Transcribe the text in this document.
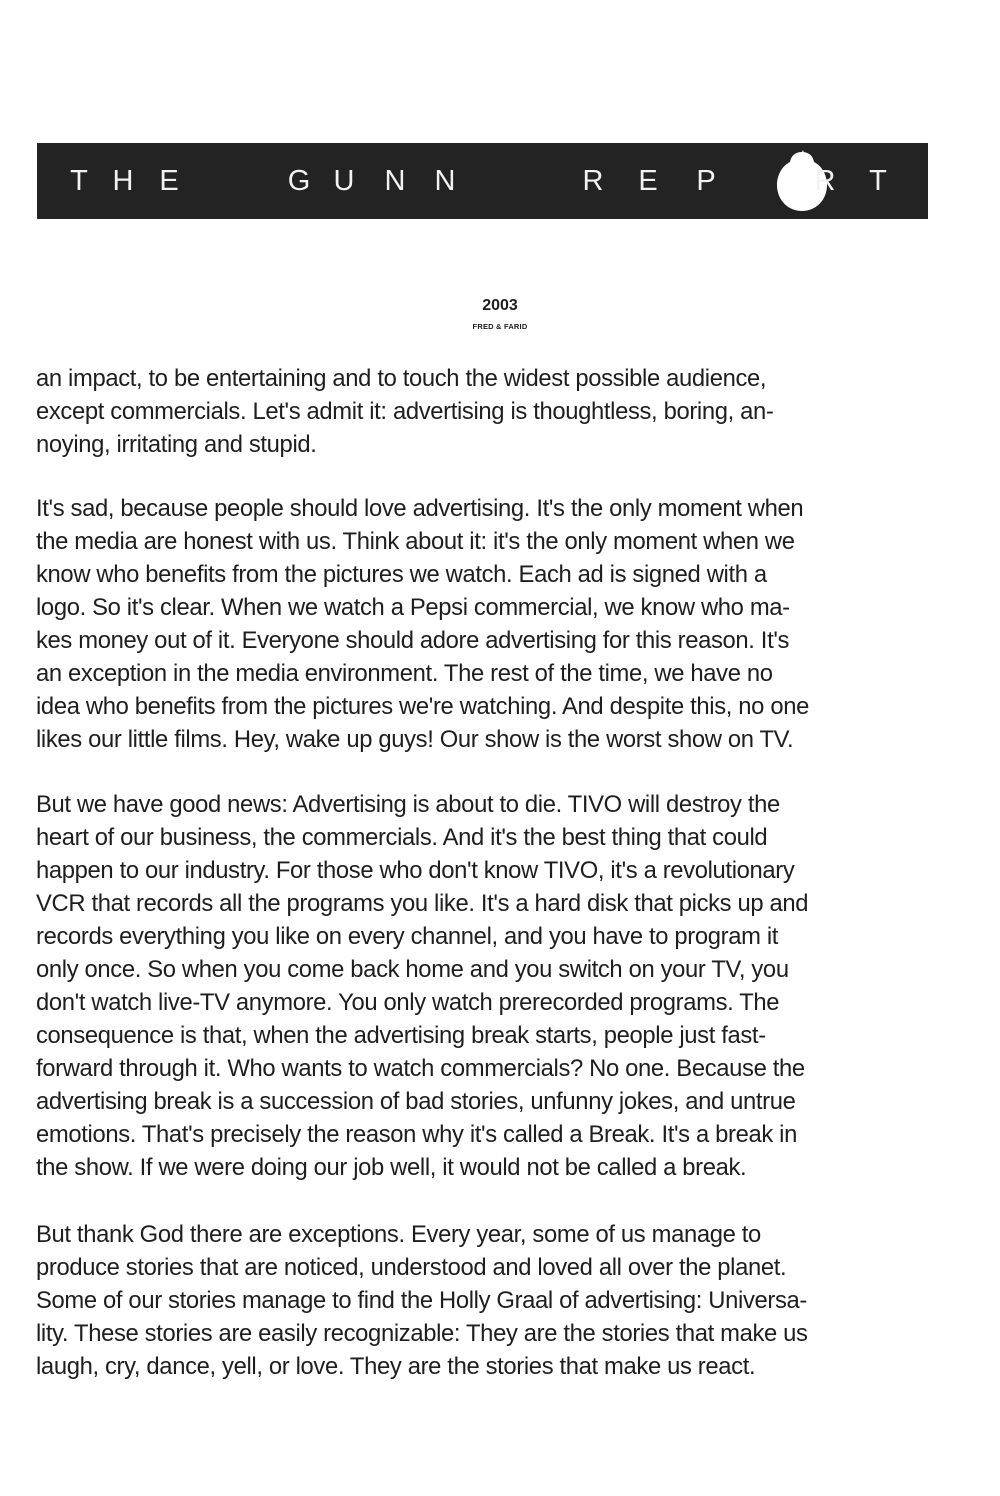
T H E	G U N N	R E P	R T
2003
FRED & FARID
an impact, to be entertaining and to touch the widest possible audience,
except commercials. Let's admit it: advertising is thoughtless, boring, an-
noying, irritating and stupid.
It's sad, because people should love advertising. It's the only moment when
the media are honest with us. Think about it: it's the only moment when we
know who benefits from the pictures we watch. Each ad is signed with a
logo. So it's clear. When we watch a Pepsi commercial, we know who ma-
kes money out of it. Everyone should adore advertising for this reason. It's
an exception in the media environment. The rest of the time, we have no
idea who benefits from the pictures we're watching. And despite this, no one
likes our little films. Hey, wake up guys! Our show is the worst show on TV.
But we have good news: Advertising is about to die. TIVO will destroy the
heart of our business, the commercials. And it's the best thing that could
happen to our industry. For those who don't know TIVO, it's a revolutionary
VCR that records all the programs you like. It's a hard disk that picks up and
records everything you like on every channel, and you have to program it
only once. So when you come back home and you switch on your TV, you
don't watch live-TV anymore. You only watch prerecorded programs. The
consequence is that, when the advertising break starts, people just fast-
forward through it. Who wants to watch commercials? No one. Because the
advertising break is a succession of bad stories, unfunny jokes, and untrue
emotions. That's precisely the reason why it's called a Break. It's a break in
the show. If we were doing our job well, it would not be called a break.
But thank God there are exceptions. Every year, some of us manage to
produce stories that are noticed, understood and loved all over the planet.
Some of our stories manage to find the Holly Graal of advertising: Universa-
lity. These stories are easily recognizable: They are the stories that make us
laugh, cry, dance, yell, or love. They are the stories that make us react.
